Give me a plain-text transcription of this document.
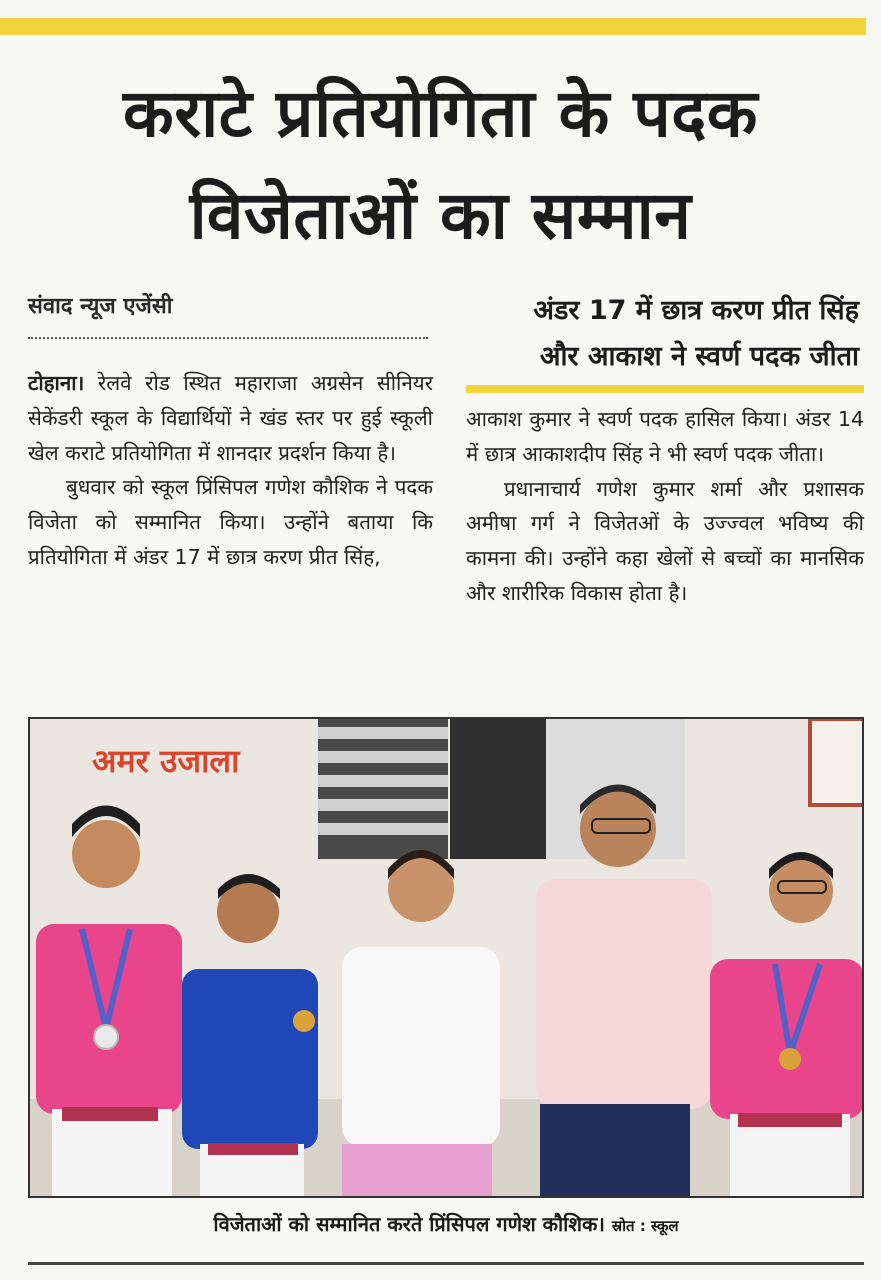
कराटे प्रतियोगिता के पदक
विजेताओं का सम्मान
संवाद न्यूज एजेंसी	अंडर 17 में छात्र करण प्रीत सिंह
और आकाश ने स्वर्ण पदक जीता

टोहाना। रेलवे रोड स्थित महाराजा अग्रसेन सीनियर सेकेंडरी स्कूल के विद्यार्थियों ने खंड स्तर पर हुई स्कूली खेल कराटे प्रतियोगिता में शानदार प्रदर्शन किया है।

बुधवार को स्कूल प्रिंसिपल गणेश कौशिक ने पदक विजेता को सम्मानित किया। उन्होंने बताया कि प्रतियोगिता में अंडर 17 में छात्र करण प्रीत सिंह,

आकाश कुमार ने स्वर्ण पदक हासिल किया। अंडर 14 में छात्र आकाशदीप सिंह ने भी स्वर्ण पदक जीता।

प्रधानाचार्य गणेश कुमार शर्मा और प्रशासक अमीषा गर्ग ने विजेतओं के उज्ज्वल भविष्य की कामना की। उन्होंने कहा खेलों से बच्चों का मानसिक और शारीरिक विकास होता है।

अमर उजाला
विजेताओं को सम्मानित करते प्रिंसिपल गणेश कौशिक। स्रोत : स्कूल
